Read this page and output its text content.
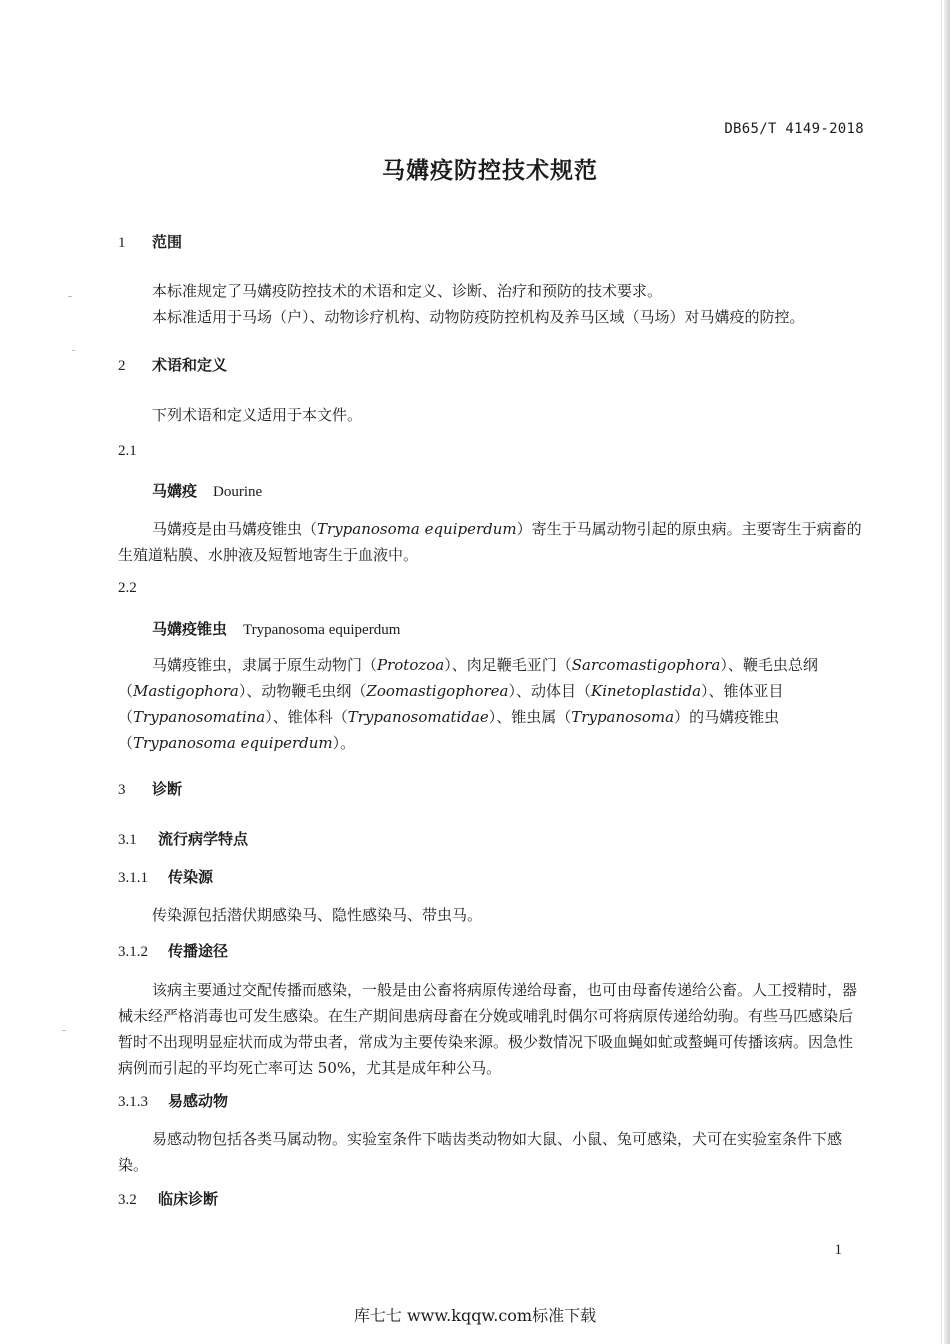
DB65/T 4149-2018
马媾疫防控技术规范
1 范围
本标准规定了马媾疫防控技术的术语和定义、诊断、治疗和预防的技术要求。
本标准适用于马场（户）、动物诊疗机构、动物防疫防控机构及养马区域（马场）对马媾疫的防控。
2 术语和定义
下列术语和定义适用于本文件。
2.1
马媾疫 Dourine
马媾疫是由马媾疫锥虫（Trypanosoma equiperdum）寄生于马属动物引起的原虫病。主要寄生于病畜的生殖道粘膜、水肿液及短暂地寄生于血液中。
2.2
马媾疫锥虫 Trypanosoma equiperdum
马媾疫锥虫，隶属于原生动物门（Protozoa）、肉足鞭毛亚门（Sarcomastigophora）、鞭毛虫总纲（Mastigophora）、动物鞭毛虫纲（Zoomastigophorea）、动体目（Kinetoplastida）、锥体亚目（Trypanosomatina）、锥体科（Trypanosomatidae）、锥虫属（Trypanosoma）的马媾疫锥虫（Trypanosoma equiperdum）。
3 诊断
3.1 流行病学特点
3.1.1 传染源
传染源包括潜伏期感染马、隐性感染马、带虫马。
3.1.2 传播途径
该病主要通过交配传播而感染，一般是由公畜将病原传递给母畜，也可由母畜传递给公畜。人工授精时，器械未经严格消毒也可发生感染。在生产期间患病母畜在分娩或哺乳时偶尔可将病原传递给幼驹。有些马匹感染后暂时不出现明显症状而成为带虫者，常成为主要传染来源。极少数情况下吸血蝇如虻或螯蝇可传播该病。因急性病例而引起的平均死亡率可达 50%，尤其是成年种公马。
3.1.3 易感动物
易感动物包括各类马属动物。实验室条件下啮齿类动物如大鼠、小鼠、兔可感染，犬可在实验室条件下感染。
3.2 临床诊断
1
库七七 www.kqqw.com标准下载
